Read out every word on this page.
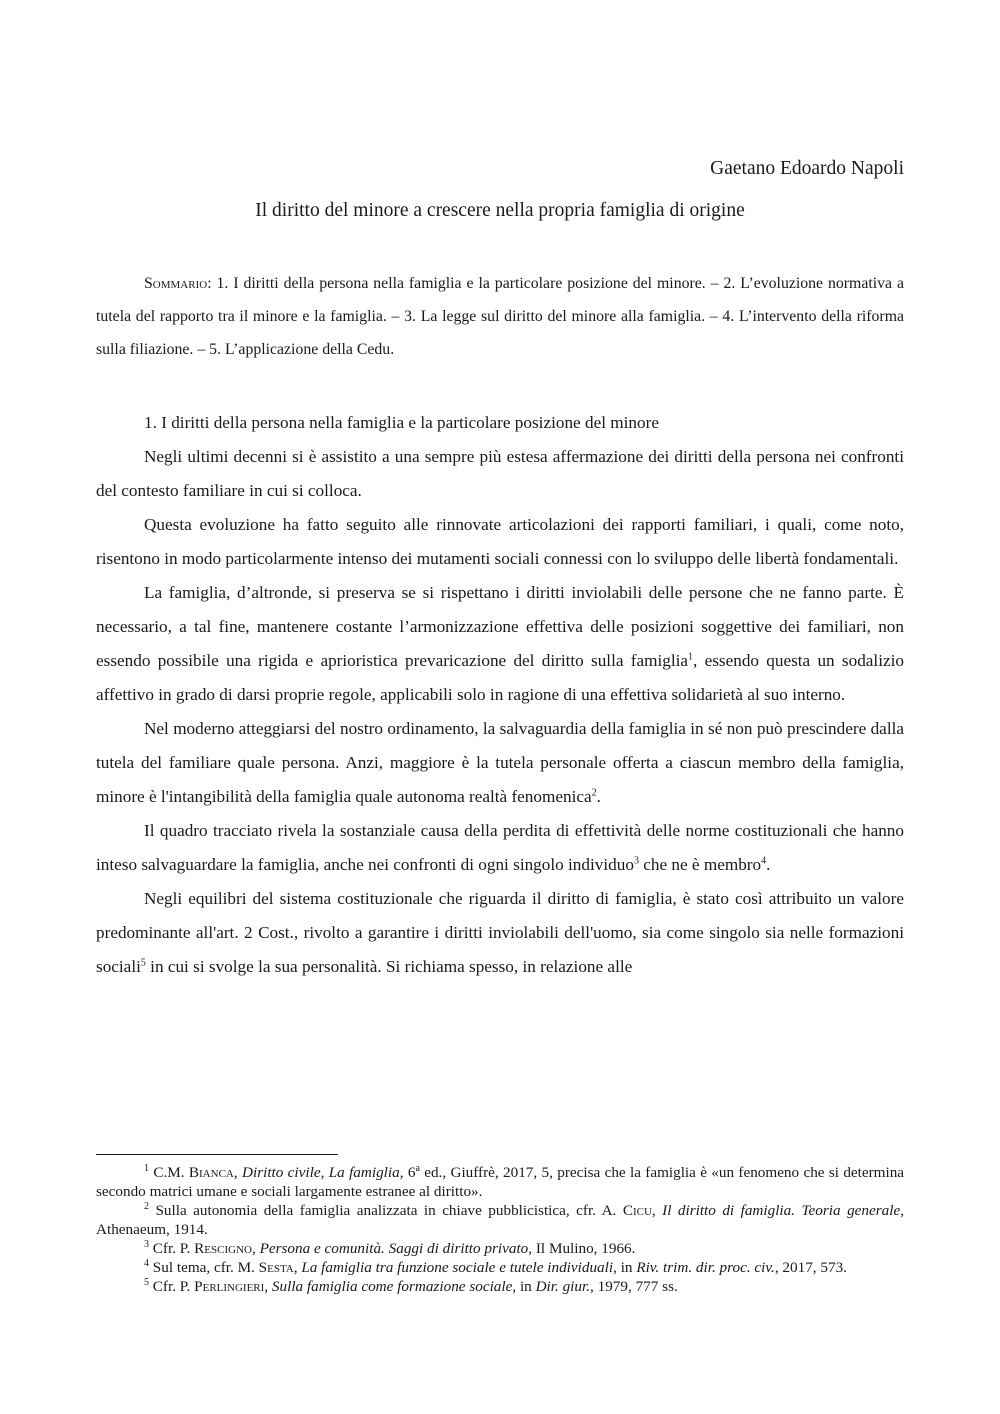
Gaetano Edoardo Napoli
Il diritto del minore a crescere nella propria famiglia di origine
Sommario: 1. I diritti della persona nella famiglia e la particolare posizione del minore. – 2. L’evoluzione normativa a tutela del rapporto tra il minore e la famiglia. – 3. La legge sul diritto del minore alla famiglia. – 4. L’intervento della riforma sulla filiazione. – 5. L’applicazione della Cedu.

1. I diritti della persona nella famiglia e la particolare posizione del minore

Negli ultimi decenni si è assistito a una sempre più estesa affermazione dei diritti della persona nei confronti del contesto familiare in cui si colloca.

Questa evoluzione ha fatto seguito alle rinnovate articolazioni dei rapporti familiari, i quali, come noto, risentono in modo particolarmente intenso dei mutamenti sociali connessi con lo sviluppo delle libertà fondamentali.

La famiglia, d’altronde, si preserva se si rispettano i diritti inviolabili delle persone che ne fanno parte. È necessario, a tal fine, mantenere costante l’armonizzazione effettiva delle posizioni soggettive dei familiari, non essendo possibile una rigida e aprioristica prevaricazione del diritto sulla famiglia$^1$, essendo questa un sodalizio affettivo in grado di darsi proprie regole, applicabili solo in ragione di una effettiva solidarietà al suo interno.

Nel moderno atteggiarsi del nostro ordinamento, la salvaguardia della famiglia in sé non può prescindere dalla tutela del familiare quale persona. Anzi, maggiore è la tutela personale offerta a ciascun membro della famiglia, minore è l'intangibilità della famiglia quale autonoma realtà fenomenica$^2$.

Il quadro tracciato rivela la sostanziale causa della perdita di effettività delle norme costituzionali che hanno inteso salvaguardare la famiglia, anche nei confronti di ogni singolo individuo$^3$ che ne è membro$^4$.

Negli equilibri del sistema costituzionale che riguarda il diritto di famiglia, è stato così attribuito un valore predominante all'art. 2 Cost., rivolto a garantire i diritti inviolabili dell'uomo, sia come singolo sia nelle formazioni sociali$^5$ in cui si svolge la sua personalità. Si richiama spesso, in relazione alle

$^1$ C.M. Bianca, Diritto civile, La famiglia, 6$^a$ ed., Giuffrè, 2017, 5, precisa che la famiglia è «un fenomeno che si determina secondo matrici umane e sociali largamente estranee al diritto».

$^2$ Sulla autonomia della famiglia analizzata in chiave pubblicistica, cfr. A. Cicu, Il diritto di famiglia. Teoria generale, Athenaeum, 1914.

$^3$ Cfr. P. Rescigno, Persona e comunità. Saggi di diritto privato, Il Mulino, 1966.

$^4$ Sul tema, cfr. M. Sesta, La famiglia tra funzione sociale e tutele individuali, in Riv. trim. dir. proc. civ., 2017, 573.

$^5$ Cfr. P. Perlingieri, Sulla famiglia come formazione sociale, in Dir. giur., 1979, 777 ss.
